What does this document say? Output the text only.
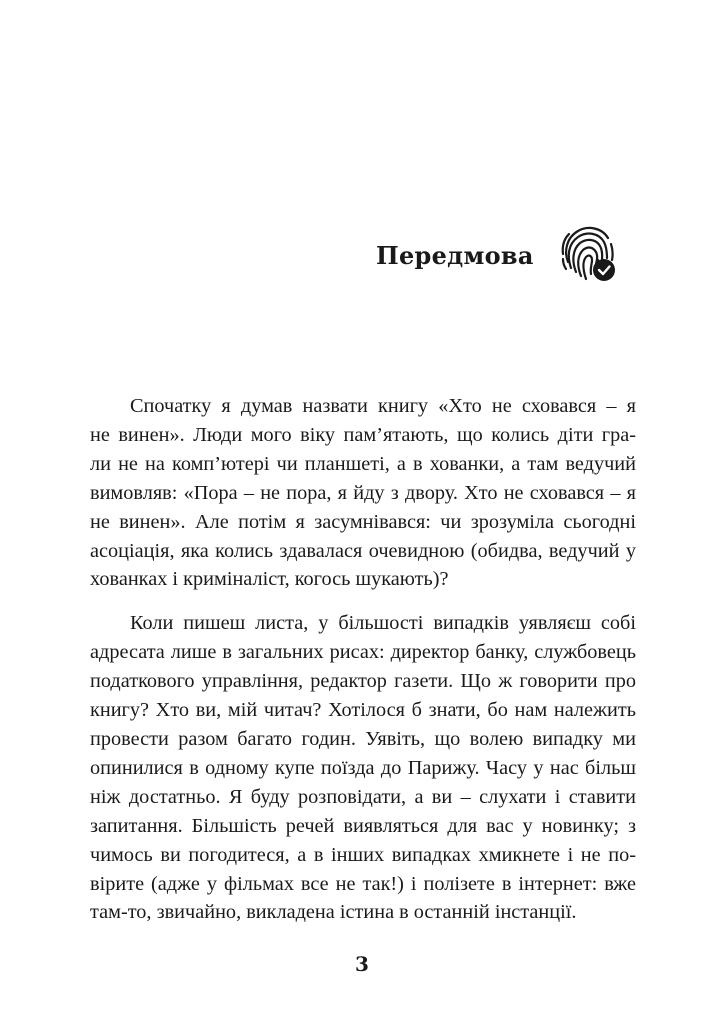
Передмова

Спочатку я думав назвати книгу «Хто не сховався – я
не винен». Люди мого віку пам’ятають, що колись діти гра-
ли не на комп’ютері чи планшеті, а в хованки, а там ведучий
вимовляв: «Пора – не пора, я йду з двору. Хто не сховався – я
не винен». Але потім я засумнівався: чи зрозуміла сьогодні
асоціація, яка колись здавалася очевидною (обидва, ведучий у
хованках і криміналіст, когось шукають)?

Коли пишеш листа, у більшості випадків уявляєш собі
адресата лише в загальних рисах: директор банку, службовець
податкового управління, редактор газети. Що ж говорити про
книгу? Хто ви, мій читач? Хотілося б знати, бо нам належить
провести разом багато годин. Уявіть, що волею випадку ми
опинилися в одному купе поїзда до Парижу. Часу у нас більш
ніж достатньо. Я буду розповідати, а ви – слухати і ставити
запитання. Більшість речей виявляться для вас у новинку; з
чимось ви погодитеся, а в інших випадках хмикнете і не по-
вірите (адже у фільмах все не так!) і полізете в інтернет: вже
там-то, звичайно, викладена істина в останній інстанції.

3
